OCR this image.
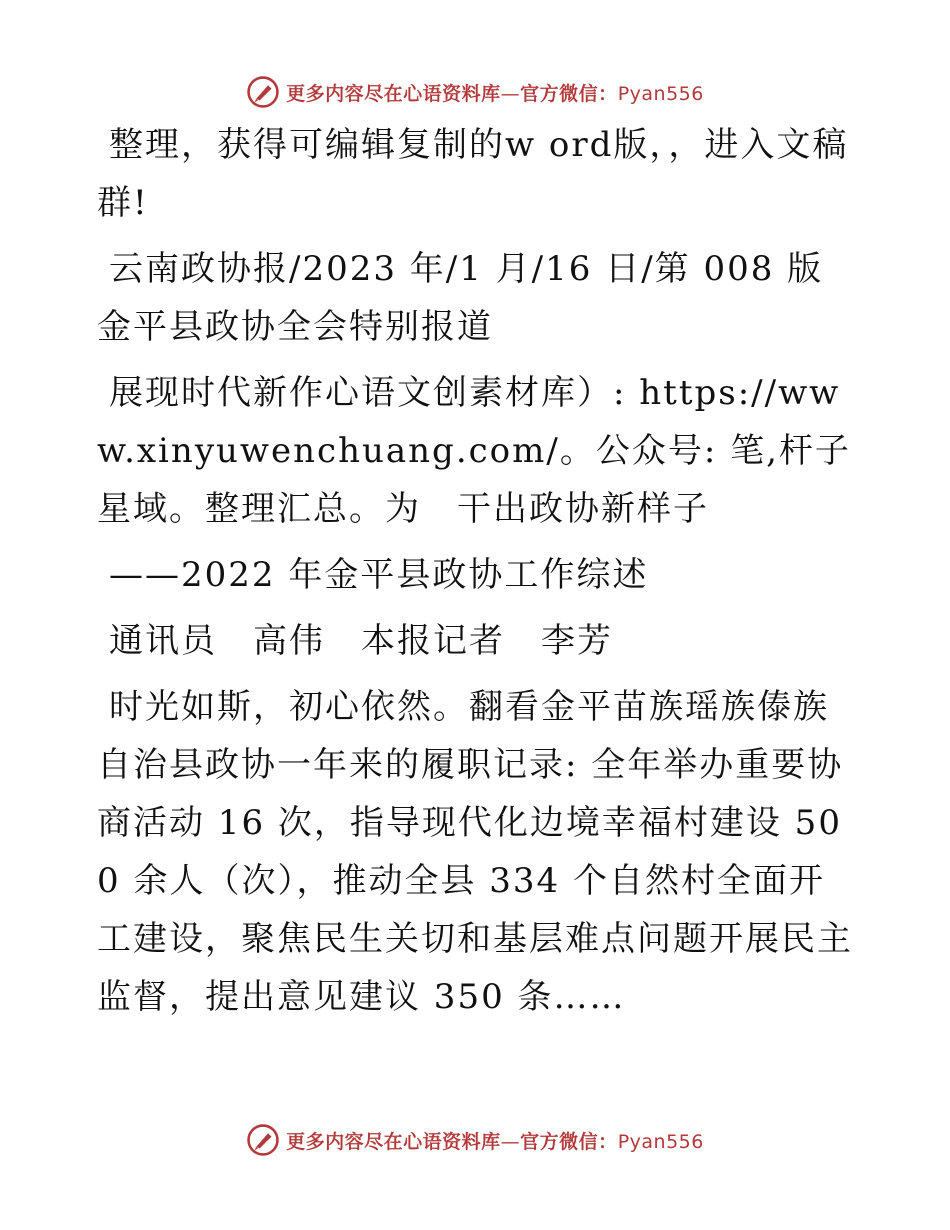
更多内容尽在心语资料库—官方微信：Pyan556

整理，获得可编辑复制的w ord版，，进入文稿群!

云南政协报/2023 年/1 月/16 日/第 008 版金平县政协全会特别报道

展现时代新作心语文创素材库）: https://www.xinyuwenchuang.com/。公众号: 笔,杆子星域。整理汇总。为　干出政协新样子

——2022 年金平县政协工作综述

通讯员　高伟　本报记者　李芳

时光如斯，初心依然。翻看金平苗族瑶族傣族自治县政协一年来的履职记录: 全年举办重要协商活动 16 次，指导现代化边境幸福村建设 500 余人（次），推动全县 334 个自然村全面开工建设，聚焦民生关切和基层难点问题开展民主监督，提出意见建议 350 条……

更多内容尽在心语资料库—官方微信：Pyan556
